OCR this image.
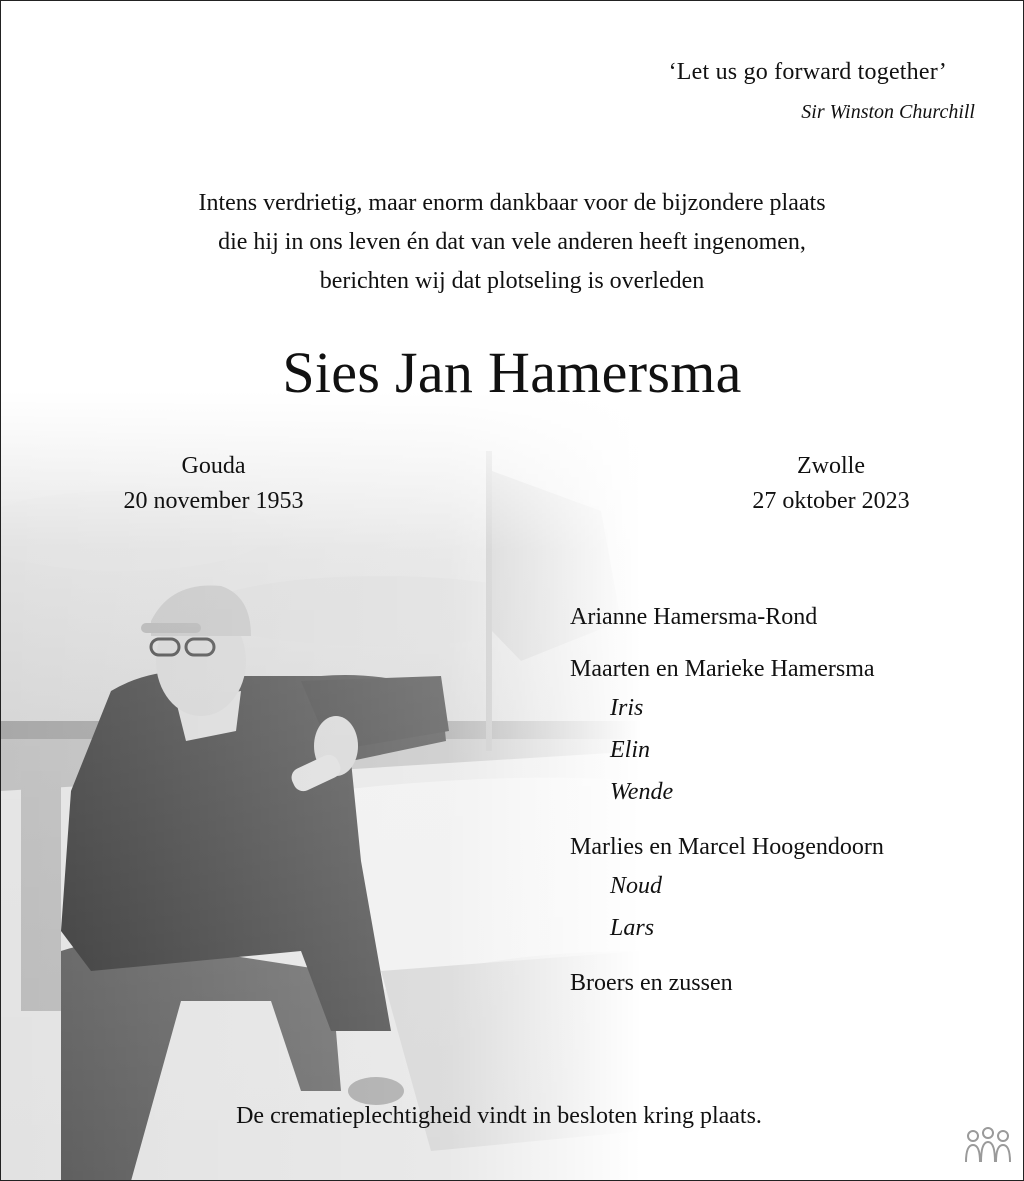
‘Let us go forward together’
Sir Winston Churchill
Intens verdrietig, maar enorm dankbaar voor de bijzondere plaats
die hij in ons leven én dat van vele anderen heeft ingenomen,
berichten wij dat plotseling is overleden
Sies Jan Hamersma
Gouda
20 november 1953
Zwolle
27 oktober 2023
Arianne Hamersma-Rond
Maarten en Marieke Hamersma
Iris
Elin
Wende
Marlies en Marcel Hoogendoorn
Noud
Lars
Broers en zussen
De crematieplechtigheid vindt in besloten kring plaats.
